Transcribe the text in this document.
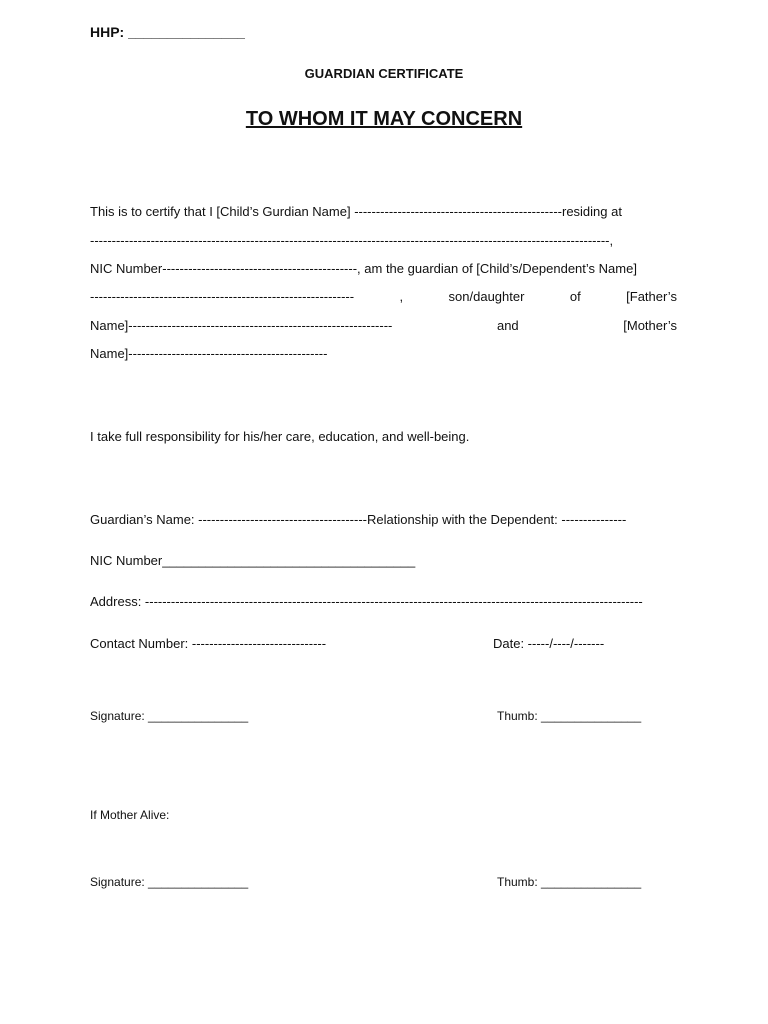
HHP: _______________
GUARDIAN CERTIFICATE
TO WHOM IT MAY CONCERN
This is to certify that I [Child’s Gurdian Name] ------------------------------------------------residing at
------------------------------------------------------------------------------------------------------------------------,
NIC Number---------------------------------------------, am the guardian of [Child’s/Dependent’s Name]
-------------------------------------------------------------	,	son/daughter	of	[Father’s
Name]-------------------------------------------------------------	and	[Mother’s
Name]----------------------------------------------
I take full responsibility for his/her care, education, and well-being.
Guardian’s Name: ---------------------------------------Relationship with the Dependent: ---------------
NIC Number___________________________________
Address: -------------------------------------------------------------------------------------------------------------------
Contact Number: -------------------------------	Date: -----/----/-------
Signature: _______________	Thumb: _______________
If Mother Alive:
Signature: _______________	Thumb: _______________
